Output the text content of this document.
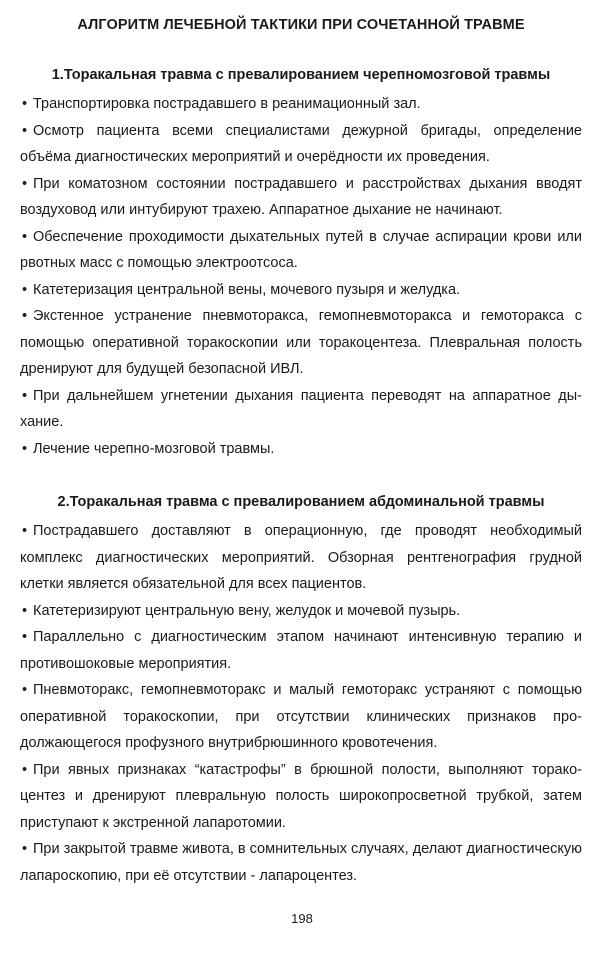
АЛГОРИТМ ЛЕЧЕБНОЙ ТАКТИКИ ПРИ СОЧЕТАННОЙ ТРАВМЕ
1.Торакальная травма с превалированием черепномозговой травмы

• Транспортировка пострадавшего в реанимационный зал.

• Осмотр пациента всеми специалистами дежурной бригады, определение объёма диагностических мероприятий и очерёдности их проведения.

• При коматозном состоянии пострадавшего и расстройствах дыхания вводят воздуховод или интубируют трахею. Аппаратное дыхание не начинают.

• Обеспечение проходимости дыхательных путей в случае аспирации крови или рвотных масс с помощью электроотсоса.

• Катетеризация центральной вены, мочевого пузыря и желудка.

• Экстенное устранение пневмоторакса, гемопневмоторакса и гемоторакса с помощью оперативной торакоскопии или торакоцентеза. Плевральная полость дренируют для будущей безопасной ИВЛ.

• При дальнейшем угнетении дыхания пациента переводят на аппаратное дыхание.

• Лечение черепно-мозговой травмы.

2.Торакальная травма с превалированием абдоминальной травмы

• Пострадавшего доставляют в операционную, где проводят необходимый комплекс диагностических мероприятий. Обзорная рентгенография грудной клетки является обязательной для всех пациентов.

• Катетеризируют центральную вену, желудок и мочевой пузырь.

• Параллельно с диагностическим этапом начинают интенсивную терапию и противошоковые мероприятия.

• Пневмоторакс, гемопневмоторакс и малый гемоторакс устраняют с помощью оперативной торакоскопии, при отсутствии клинических признаков продолжающегося профузного внутрибрюшинного кровотечения.

• При явных признаках “катастрофы” в брюшной полости, выполняют торакоцентез и дренируют плевральную полость широкопросветной трубкой, затем приступают к экстренной лапаротомии.

• При закрытой травме живота, в сомнительных случаях, делают диагностическую лапароскопию, при её отсутствии - лапароцентез.

198
